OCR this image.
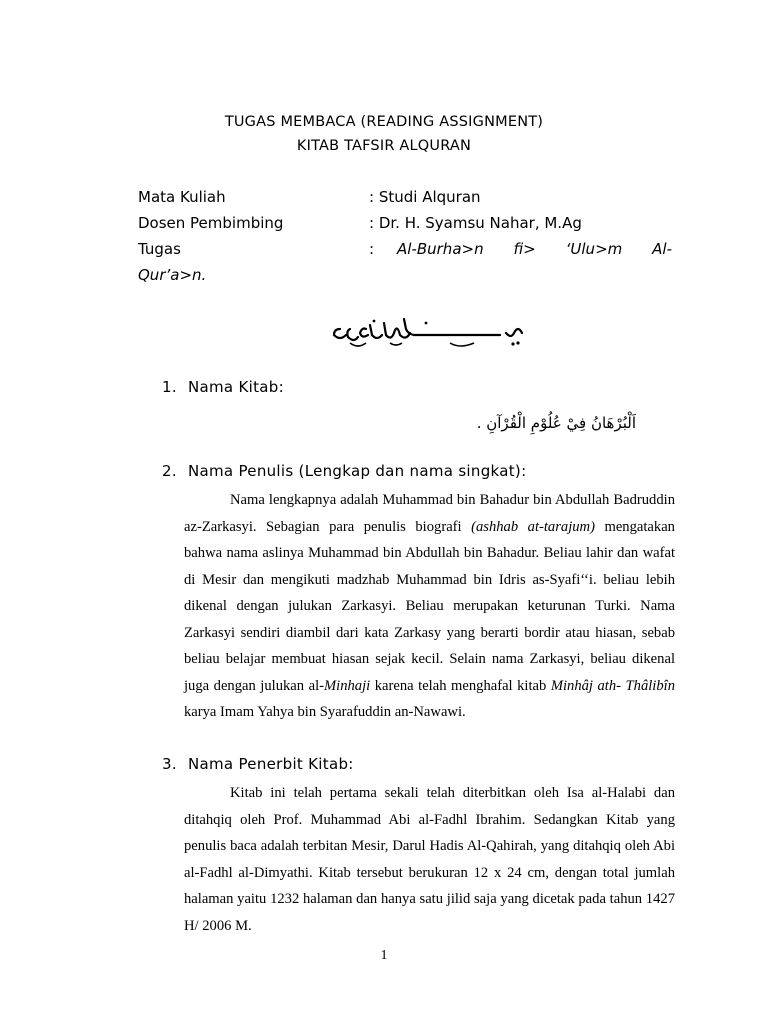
TUGAS MEMBACA (READING ASSIGNMENT)
KITAB TAFSIR ALQURAN
Mata Kuliah	: Studi Alquran
Dosen Pembimbing	: Dr. H. Syamsu Nahar, M.Ag
Tugas	: Al-Burha>n fi> ‘Ulu>m Al-
Qur’a>n.
1. Nama Kitab:
اَلْبُرْهَانُ فِيْ عُلُوْمِ الْقُرْآنِ .
2. Nama Penulis (Lengkap dan nama singkat):

Nama lengkapnya adalah Muhammad bin Bahadur bin Abdullah Badruddin az-Zarkasyi. Sebagian para penulis biografi (ashhab at-tarajum) mengatakan bahwa nama aslinya Muhammad bin Abdullah bin Bahadur. Beliau lahir dan wafat di Mesir dan mengikuti madzhab Muhammad bin Idris as-Syafi‘‘i. beliau lebih dikenal dengan julukan Zarkasyi. Beliau merupakan keturunan Turki. Nama Zarkasyi sendiri diambil dari kata Zarkasy yang berarti bordir atau hiasan, sebab beliau belajar membuat hiasan sejak kecil. Selain nama Zarkasyi, beliau dikenal juga dengan julukan al-Minhaji karena telah menghafal kitab Minhâj ath- Thâlibîn karya Imam Yahya bin Syarafuddin an-Nawawi.

3. Nama Penerbit Kitab:

Kitab ini telah pertama sekali telah diterbitkan oleh Isa al-Halabi dan ditahqiq oleh Prof. Muhammad Abi al-Fadhl Ibrahim. Sedangkan Kitab yang penulis baca adalah terbitan Mesir, Darul Hadis Al-Qahirah, yang ditahqiq oleh Abi al-Fadhl al-Dimyathi. Kitab tersebut berukuran 12 x 24 cm, dengan total jumlah halaman yaitu 1232 halaman dan hanya satu jilid saja yang dicetak pada tahun 1427 H/ 2006 M.

1
